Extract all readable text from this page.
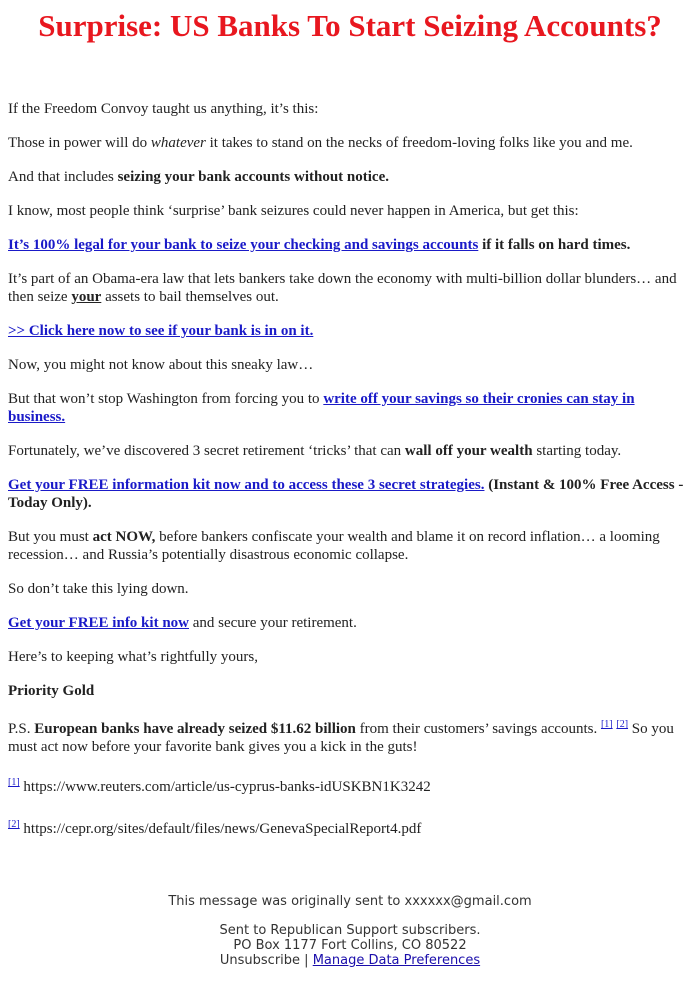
Surprise: US Banks To Start Seizing Accounts?

If the Freedom Convoy taught us anything, it’s this:

Those in power will do whatever it takes to stand on the necks of freedom-loving folks like you and me.

And that includes seizing your bank accounts without notice.

I know, most people think ‘surprise’ bank seizures could never happen in America, but get this:

It’s 100% legal for your bank to seize your checking and savings accounts if it falls on hard times.

It’s part of an Obama-era law that lets bankers take down the economy with multi-billion dollar blunders… and then seize your assets to bail themselves out.

>> Click here now to see if your bank is in on it.

Now, you might not know about this sneaky law…

But that won’t stop Washington from forcing you to write off your savings so their cronies can stay in business.

Fortunately, we’ve discovered 3 secret retirement ‘tricks’ that can wall off your wealth starting today.

Get your FREE information kit now and to access these 3 secret strategies. (Instant & 100% Free Access - Today Only).

But you must act NOW, before bankers confiscate your wealth and blame it on record inflation… a looming recession… and Russia’s potentially disastrous economic collapse.

So don’t take this lying down.

Get your FREE info kit now and secure your retirement.

Here’s to keeping what’s rightfully yours,

Priority Gold

P.S. European banks have already seized $11.62 billion from their customers’ savings accounts. [1] [2] So you must act now before your favorite bank gives you a kick in the guts!

[1] https://www.reuters.com/article/us-cyprus-banks-idUSKBN1K3242

[2] https://cepr.org/sites/default/files/news/GenevaSpecialReport4.pdf

This message was originally sent to xxxxxx@gmail.com

Sent to Republican Support subscribers.
PO Box 1177 Fort Collins, CO 80522
Unsubscribe | Manage Data Preferences
